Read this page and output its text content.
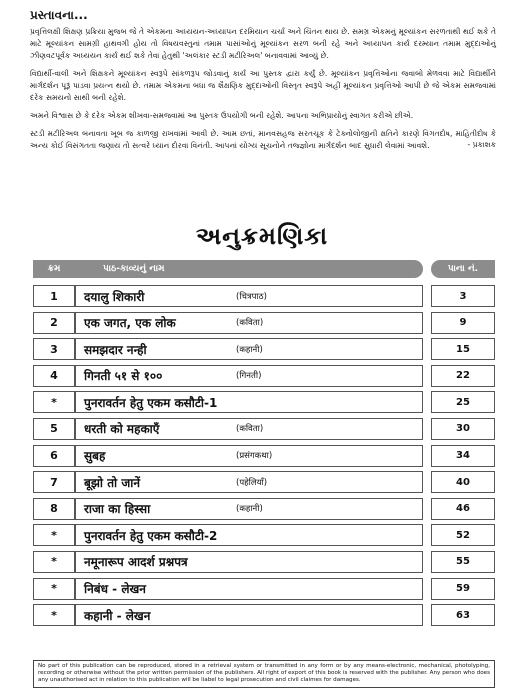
પ્રસ્તાવના...

પ્રવૃત્તિલક્ષી શિક્ષણ પ્રક્રિયા મુજબ જે તે એકમના અધ્યયન-અધ્યાપન દરમિયાન ચર્ચા અને ચિંતન થાય છે. સમગ્ર એકમનું મૂલ્યાંકન સરળતાથી થઈ શકે તે માટે મૂલ્યાંકન સામગ્રી હાથવગી હોય તો વિષયવસ્તુનાં તમામ પાસાંઓનું મૂલ્યાંકન સરળ બની રહે અને અધ્યાપન કાર્ય દરમ્યાન તમામ મુદ્દાઓનું ઝીણવટપૂર્વક અધ્યયન કાર્ય થઈ શકે તેવા હેતુથી 'અલંકાર સ્ટડી મટીરિઅલ' બનાવવામાં આવ્યું છે.

વિદ્યાર્થી-વાલી અને શિક્ષકને મૂલ્યાંકન સ્વરૂપે સાંકળરૂપ જોડવાનું કાર્ય આ પુસ્તક દ્વારા કર્યું છે. મૂલ્યાંકન પ્રવૃત્તિઓના જવાબો મેળવવા માટે વિદ્યાર્થીને માર્ગદર્શન પૂરૂં પાડવા પ્રયત્ન થયો છે. તમામ એકમના બધા જ શૈક્ષણિક મુદ્દાઓની વિસ્તૃત સ્વરૂપે અહીં મૂલ્યાંકન પ્રવૃત્તિઓ આપી છે જે એકમ સમજવામાં દરેક સમયનો સાથી બની રહેશે.

અમને વિશ્વાસ છે કે દરેક એકમ શીખવા-સમજવામાં આ પુસ્તક ઉપયોગી બની રહેશે. આપના અભિપ્રાયોનું સ્વાગત કરીએ છીએ.

સ્ટડી મટીરિઅલ બનાવતા ખૂબ જ કાળજી રાખવામાં આવી છે. આમ છતાં, માનવસહજ સરતચૂક કે ટેક્નોલોજીની ક્ષતિને કારણે વિગતદોષ, માહિતીદોષ કે અન્ય કોઈ વિસંગતતા જણાય તો સત્વરે ધ્યાન દોરવા વિનંતી. આપનાં યોગ્ય સૂચનોને તજ્જ્ઞોના માર્ગદર્શન બાદ સુધારી લેવામાં આવશે.	- પ્રકાશક
અનુક્રમણિકા
ક્રમ	પાઠ-કાવ્યનું નામ	પાના નં.
1	दयालु शिकारी	(चित्रपाठ)	3
2	एक जगत, एक लोक	(कविता)	9
3	समझदार नन्ही	(कहानी)	15
4	गिनती ५१ से १००	(गिनती)	22
*	पुनरावर्तन हेतु एकम कसौटी-1	25
5	धरती को महकाएँ	(कविता)	30
6	सुबह	(प्रसंगकथा)	34
7	बूझो तो जानें	(पहेलियाँ)	40
8	राजा का हिस्सा	(कहानी)	46
*	पुनरावर्तन हेतु एकम कसौटी-2	52
*	नमूनारूप आदर्श प्रश्नपत्र	55
*	निबंध - लेखन	59
*	कहानी - लेखन	63
No part of this publication can be reproduced, stored in a retrieval system or transmitted in any form or by any means-electronic, mechanical, photolyping, recording or otherwise without the prior written permission of the publishers. All right of export of this book is reserved with the publisher. Any person who does any unauthorised act in relation to this publication will be liabel to legal prosecution and civil claimes for damages.
